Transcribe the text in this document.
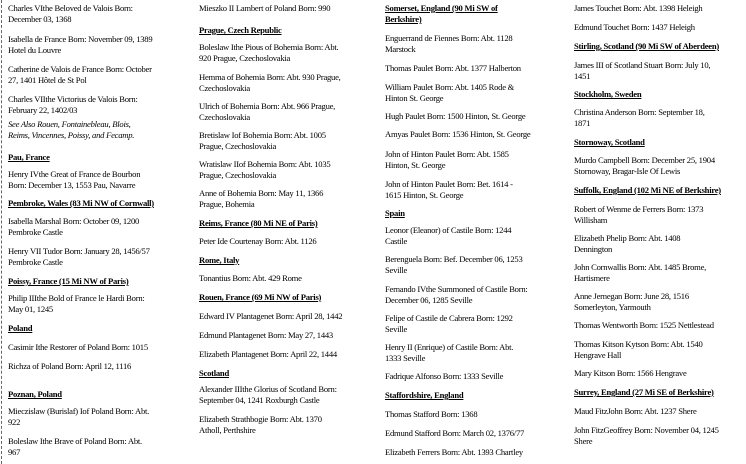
Charles VIthe Beloved de Valois Born:
December 03, 1368
Isabella de France Born: November 09, 1389
Hotel du Louvre
Catherine de Valois de France Born: October
27, 1401 Hôtel de St Pol
Charles VIIthe Victorius de Valois Born:
February 22, 1402/03
See Also Rouen, Fontainebleau, Blois,
Reims, Vincennes, Poissy, and Fecamp.
Pau, France
Henry IVthe Great of France de Bourbon
Born: December 13, 1553 Pau, Navarre
Pembroke, Wales (83 Mi NW of Cornwall)
Isabella Marshal Born: October 09, 1200
Pembroke Castle
Henry VII Tudor Born: January 28, 1456/57
Pembroke Castle
Poissy, France (15 Mi NW of Paris)
Philip IIIthe Bold of France le Hardi Born:
May 01, 1245
Poland
Casimir Ithe Restorer of Poland Born: 1015
Richza of Poland Born: April 12, 1116
Poznan, Poland
Mieczislaw (Burislaf) Iof Poland Born: Abt.
922
Boleslaw Ithe Brave of Poland Born: Abt.
967
Mieszko II Lambert of Poland Born: 990
Prague, Czech Republic
Boleslaw Ithe Pious of Bohemia Born: Abt.
920 Prague, Czechoslovakia
Hemma of Bohemia Born: Abt. 930 Prague,
Czechoslovakia
Ulrich of Bohemia Born: Abt. 966 Prague,
Czechoslovakia
Bretislaw Iof Bohemia Born: Abt. 1005
Prague, Czechoslovakia
Wratislaw IIof Bohemia Born: Abt. 1035
Prague, Czechoslovakia
Anne of Bohemia Born: May 11, 1366
Prague, Bohemia
Reims, France (80 Mi NE of Paris)
Peter Ide Courtenay Born: Abt. 1126
Rome, Italy
Tonantius Born: Abt. 429 Rome
Rouen, France (69 Mi NW of Paris)
Edward IV Plantagenet Born: April 28, 1442
Edmund Plantagenet Born: May 27, 1443
Elizabeth Plantagenet Born: April 22, 1444
Scotland
Alexander IIIthe Glorius of Scotland Born:
September 04, 1241 Roxburgh Castle
Elizabeth Strathbogie Born: Abt. 1370
Atholl, Perthshire
Somerset, England (90 Mi SW of
Berkshire)
Enguerrand de Fiennes Born: Abt. 1128
Marstock
Thomas Paulet Born: Abt. 1377 Halberton
William Paulet Born: Abt. 1405 Rode &
Hinton St. George
Hugh Paulet Born: 1500 Hinton, St. George
Amyas Paulet Born: 1536 Hinton, St. George
John of Hinton Paulet Born: Abt. 1585
Hinton, St. George
John of Hinton Paulet Born: Bet. 1614 -
1615 Hinton, St. George
Spain
Leonor (Eleanor) of Castile Born: 1244
Castile
Berenguela Born: Bef. December 06, 1253
Seville
Fernando IVthe Summoned of Castile Born:
December 06, 1285 Seville
Felipe of Castile de Cabrera Born: 1292
Seville
Henry II (Enrique) of Castile Born: Abt.
1333 Seville
Fadrique Alfonso Born: 1333 Seville
Staffordshire, England
Thomas Stafford Born: 1368
Edmund Stafford Born: March 02, 1376/77
Elizabeth Ferrers Born: Abt. 1393 Chartley
James Touchet Born: Abt. 1398 Heleigh
Edmund Touchet Born: 1437 Heleigh
Stirling, Scotland (90 Mi SW of Aberdeen)
James III of Scotland Stuart Born: July 10,
1451
Stockholm, Sweden
Christina Anderson Born: September 18,
1871
Stornoway, Scotland
Murdo Campbell Born: December 25, 1904
Stornoway, Bragar-Isle Of Lewis
Suffolk, England (102 Mi NE of Berkshire)
Robert of Wenme de Ferrers Born: 1373
Willisham
Elizabeth Phelip Born: Abt. 1408
Dennington
John Cornwallis Born: Abt. 1485 Brome,
Hartismere
Anne Jernegan Born: June 28, 1516
Somerleyton, Yarmouth
Thomas Wentworth Born: 1525 Nettlestead
Thomas Kitson Kytson Born: Abt. 1540
Hengrave Hall
Mary Kitson Born: 1566 Hengrave
Surrey, England (27 Mi SE of Berkshire)
Maud FitzJohn Born: Abt. 1237 Shere
John FitzGeoffrey Born: November 04, 1245
Shere
